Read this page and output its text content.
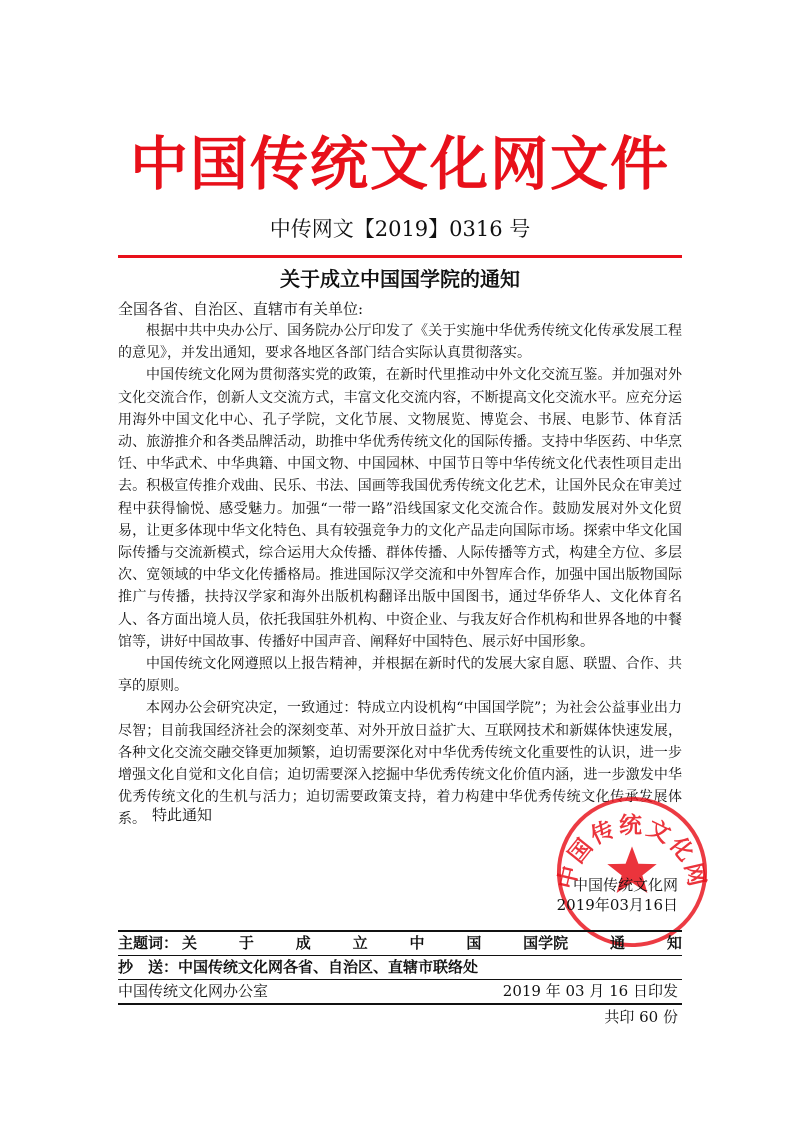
中国传统文化网文件
中传网文【2019】0316 号
关于成立中国国学院的通知

全国各省、自治区、直辖市有关单位:

根据中共中央办公厅、国务院办公厅印发了《关于实施中华优秀传统文化传承发展工程的意见》，并发出通知，要求各地区各部门结合实际认真贯彻落实。

中国传统文化网为贯彻落实党的政策，在新时代里推动中外文化交流互鉴。并加强对外文化交流合作，创新人文交流方式，丰富文化交流内容，不断提高文化交流水平。应充分运用海外中国文化中心、孔子学院，文化节展、文物展览、博览会、书展、电影节、体育活动、旅游推介和各类品牌活动，助推中华优秀传统文化的国际传播。支持中华医药、中华烹饪、中华武术、中华典籍、中国文物、中国园林、中国节日等中华传统文化代表性项目走出去。积极宣传推介戏曲、民乐、书法、国画等我国优秀传统文化艺术，让国外民众在审美过程中获得愉悦、感受魅力。加强“一带一路”沿线国家文化交流合作。鼓励发展对外文化贸易，让更多体现中华文化特色、具有较强竞争力的文化产品走向国际市场。探索中华文化国际传播与交流新模式，综合运用大众传播、群体传播、人际传播等方式，构建全方位、多层次、宽领域的中华文化传播格局。推进国际汉学交流和中外智库合作，加强中国出版物国际推广与传播，扶持汉学家和海外出版机构翻译出版中国图书，通过华侨华人、文化体育名人、各方面出境人员，依托我国驻外机构、中资企业、与我友好合作机构和世界各地的中餐馆等，讲好中国故事、传播好中国声音、阐释好中国特色、展示好中国形象。

中国传统文化网遵照以上报告精神，并根据在新时代的发展大家自愿、联盟、合作、共享的原则。

本网办公会研究决定，一致通过：特成立内设机构“中国国学院”；为社会公益事业出力尽智；目前我国经济社会的深刻变革、对外开放日益扩大、互联网技术和新媒体快速发展，各种文化交流交融交锋更加频繁，迫切需要深化对中华优秀传统文化重要性的认识，进一步增强文化自觉和文化自信；迫切需要深入挖掘中华优秀传统文化价值内涵，进一步激发中华优秀传统文化的生机与活力；迫切需要政策支持，着力构建中华优秀传统文化传承发展体系。 特此通知
中国传统文化网
中国传统文化网
2019年03月16日
主题词： 关	于	成	立	中	国	国学院	通	知
抄　送：中国传统文化网各省、自治区、直辖市联络处
中国传统文化网办公室	2019 年 03 月 16 日印发
共印 60 份
